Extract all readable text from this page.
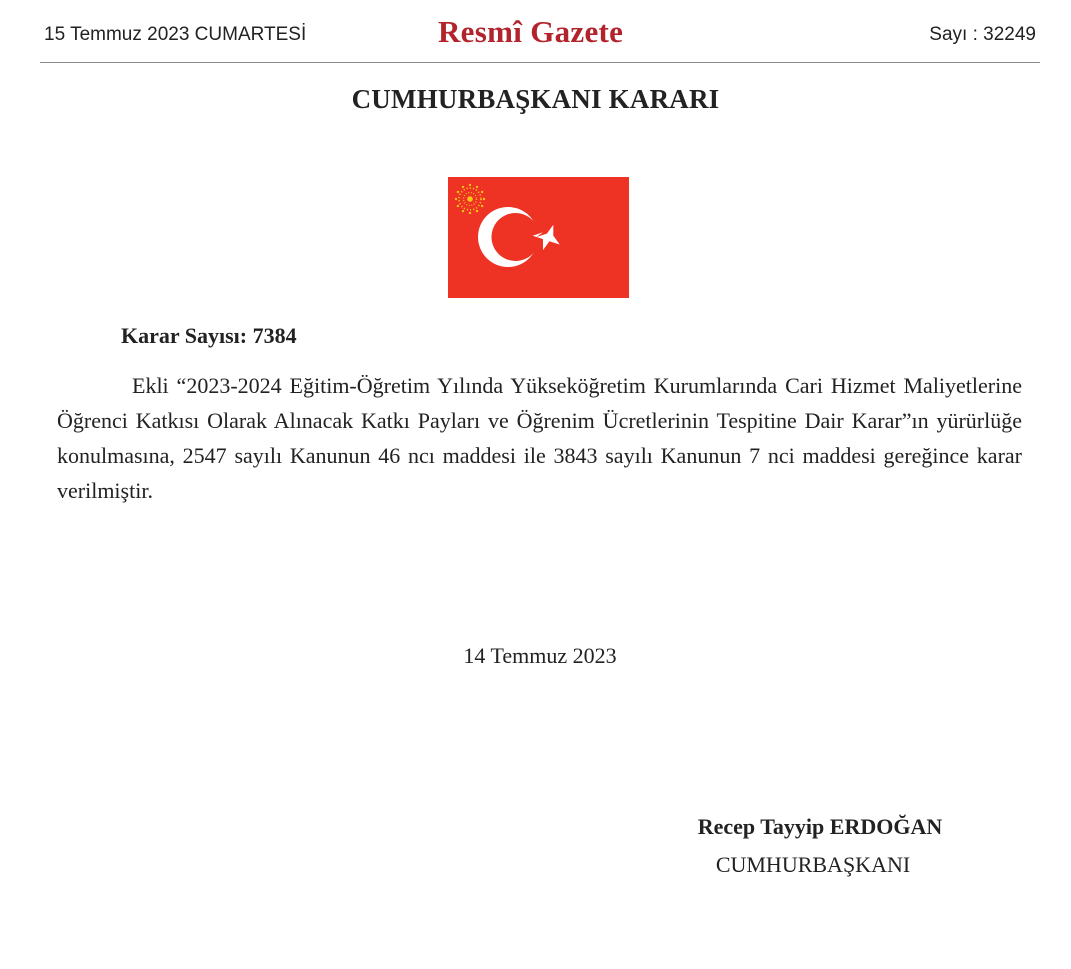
15 Temmuz 2023 CUMARTESİ	Resmî Gazete	Sayı : 32249
CUMHURBAŞKANI KARARI
Karar Sayısı: 7384
Ekli “2023-2024 Eğitim-Öğretim Yılında Yükseköğretim Kurumlarında Cari Hizmet Maliyetlerine Öğrenci Katkısı Olarak Alınacak Katkı Payları ve Öğrenim Ücretlerinin Tespitine Dair Karar”ın yürürlüğe konulmasına, 2547 sayılı Kanunun 46 ncı maddesi ile 3843 sayılı Kanunun 7 nci maddesi gereğince karar verilmiştir.
14 Temmuz 2023
Recep Tayyip ERDOĞAN
CUMHURBAŞKANI
